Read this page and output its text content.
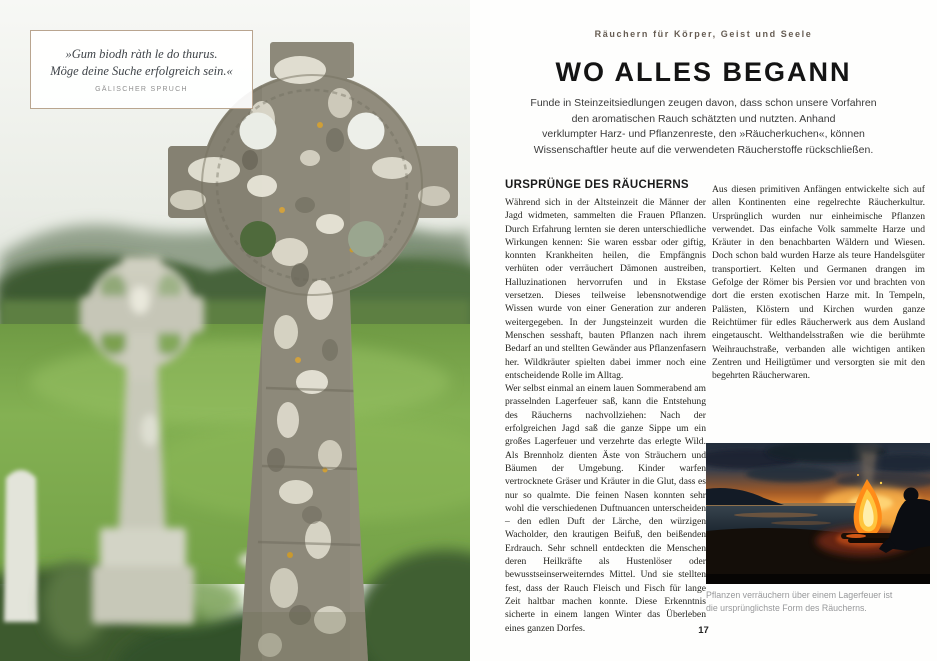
»Gum biodh ràth le do thurus.
Möge deine Suche erfolgreich sein.«
GÄLISCHER SPRUCH
Räuchern für Körper, Geist und Seele
WO ALLES BEGANN
Funde in Steinzeitsiedlungen zeugen davon, dass schon unsere Vorfahren
den aromatischen Rauch schätzten und nutzten. Anhand
verklumpter Harz- und Pflanzenreste, den »Räucherkuchen«, können
Wissenschaftler heute auf die verwendeten Räucherstoffe rückschließen.
URSPRÜNGE DES RÄUCHERNS

Während sich in der Altsteinzeit die Männer der Jagd widmeten, sammelten die Frauen Pflanzen. Durch Erfahrung lernten sie deren unterschiedliche Wirkungen kennen: Sie waren essbar oder giftig, konnten Krankheiten heilen, die Empfängnis verhüten oder verräuchert Dämonen austreiben, Halluzinationen hervorrufen und in Ekstase versetzen. Dieses teilweise lebensnotwendige Wissen wurde von einer Generation zur anderen weitergegeben. In der Jungsteinzeit wurden die Menschen sesshaft, bauten Pflanzen nach ihrem Bedarf an und stellten Gewänder aus Pflanzenfasern her. Wildkräuter spielten dabei immer noch eine entscheidende Rolle im Alltag.

Wer selbst einmal an einem lauen Sommerabend am prasselnden Lagerfeuer saß, kann die Entstehung des Räucherns nachvollziehen: Nach der erfolgreichen Jagd saß die ganze Sippe um ein großes Lagerfeuer und verzehrte das erlegte Wild. Als Brennholz dienten Äste von Sträuchern und Bäumen der Umgebung. Kinder warfen vertrocknete Gräser und Kräuter in die Glut, dass es nur so qualmte. Die feinen Nasen konnten sehr wohl die verschiedenen Duftnuancen unterscheiden – den edlen Duft der Lärche, den würzigen Wacholder, den krautigen Beifuß, den beißenden Erdrauch. Sehr schnell entdeckten die Menschen deren Heilkräfte als Hustenlöser oder bewusstseinserweiterndes Mittel. Und sie stellten fest, dass der Rauch Fleisch und Fisch für lange Zeit haltbar machen konnte. Diese Erkenntnis sicherte in einem langen Winter das Überleben eines ganzen Dorfes.

Aus diesen primitiven Anfängen entwickelte sich auf allen Kontinenten eine regelrechte Räucherkultur. Ursprünglich wurden nur einheimische Pflanzen verwendet. Das einfache Volk sammelte Harze und Kräuter in den benachbarten Wäldern und Wiesen. Doch schon bald wurden Harze als teure Handelsgüter transportiert. Kelten und Germanen drangen im Gefolge der Römer bis Persien vor und brachten von dort die ersten exotischen Harze mit. In Tempeln, Palästen, Klöstern und Kirchen wurden ganze Reichtümer für edles Räucherwerk aus dem Ausland eingetauscht. Welthandelsstraßen wie die berühmte Weihrauchstraße, verbanden alle wichtigen antiken Zentren und Heiligtümer und versorgten sie mit den begehrten Räucherwaren.

Pflanzen verräuchern über einem Lagerfeuer ist
die ursprünglichste Form des Räucherns.
17
